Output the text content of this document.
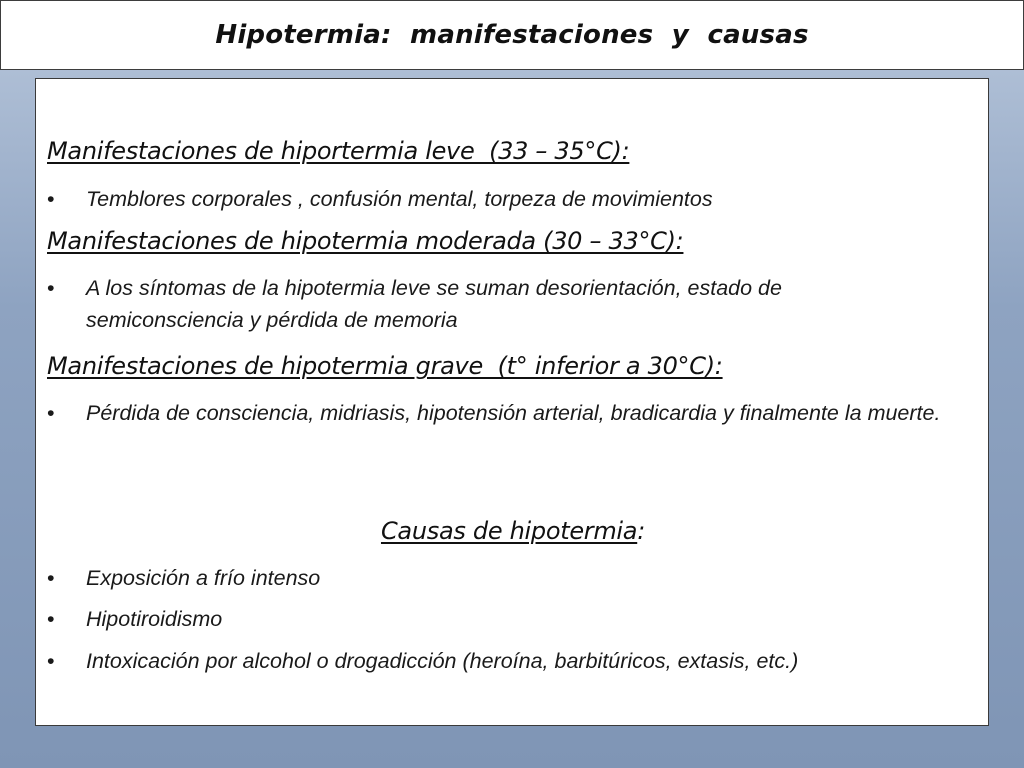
Hipotermia:  manifestaciones  y  causas
Manifestaciones de hiportermia leve  (33 – 35°C):
•	Temblores corporales , confusión mental, torpeza de movimientos
Manifestaciones de hipotermia moderada (30 – 33°C):
•	A los síntomas de la hipotermia leve se suman desorientación, estado de semiconsciencia y pérdida de memoria
Manifestaciones de hipotermia grave  (t° inferior a 30°C):
•	Pérdida de consciencia, midriasis, hipotensión arterial, bradicardia y finalmente la muerte.
Causas de hipotermia:
•	Exposición a frío intenso
•	Hipotiroidismo
•	Intoxicación por alcohol o drogadicción (heroína, barbitúricos, extasis, etc.)
